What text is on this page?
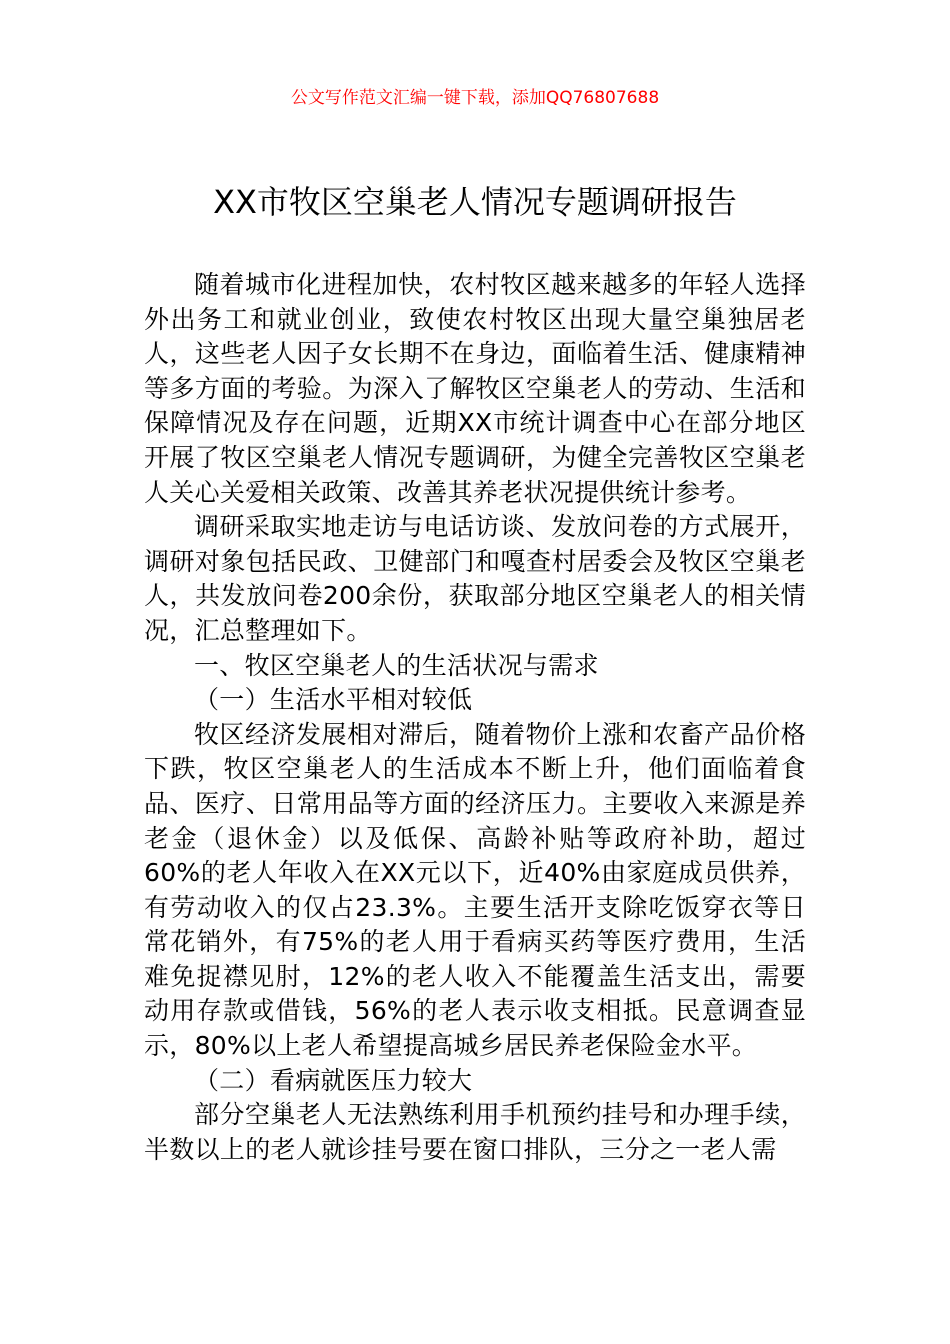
公文写作范文汇编一键下载，添加QQ76807688
XX市牧区空巢老人情况专题调研报告

随着城市化进程加快，农村牧区越来越多的年轻人选择外出务工和就业创业，致使农村牧区出现大量空巢独居老人，这些老人因子女长期不在身边，面临着生活、健康精神等多方面的考验。为深入了解牧区空巢老人的劳动、生活和保障情况及存在问题，近期XX市统计调查中心在部分地区开展了牧区空巢老人情况专题调研，为健全完善牧区空巢老人关心关爱相关政策、改善其养老状况提供统计参考。

调研采取实地走访与电话访谈、发放问卷的方式展开，调研对象包括民政、卫健部门和嘎查村居委会及牧区空巢老人，共发放问卷200余份，获取部分地区空巢老人的相关情况，汇总整理如下。

一、牧区空巢老人的生活状况与需求

（一）生活水平相对较低

牧区经济发展相对滞后，随着物价上涨和农畜产品价格下跌，牧区空巢老人的生活成本不断上升，他们面临着食品、医疗、日常用品等方面的经济压力。主要收入来源是养老金（退休金）以及低保、高龄补贴等政府补助，超过60%的老人年收入在XX元以下，近40%由家庭成员供养，有劳动收入的仅占23.3%。主要生活开支除吃饭穿衣等日常花销外，有75%的老人用于看病买药等医疗费用，生活难免捉襟见肘，12%的老人收入不能覆盖生活支出，需要动用存款或借钱，56%的老人表示收支相抵。民意调查显示，80%以上老人希望提高城乡居民养老保险金水平。

（二）看病就医压力较大

部分空巢老人无法熟练利用手机预约挂号和办理手续，半数以上的老人就诊挂号要在窗口排队，三分之一老人需
